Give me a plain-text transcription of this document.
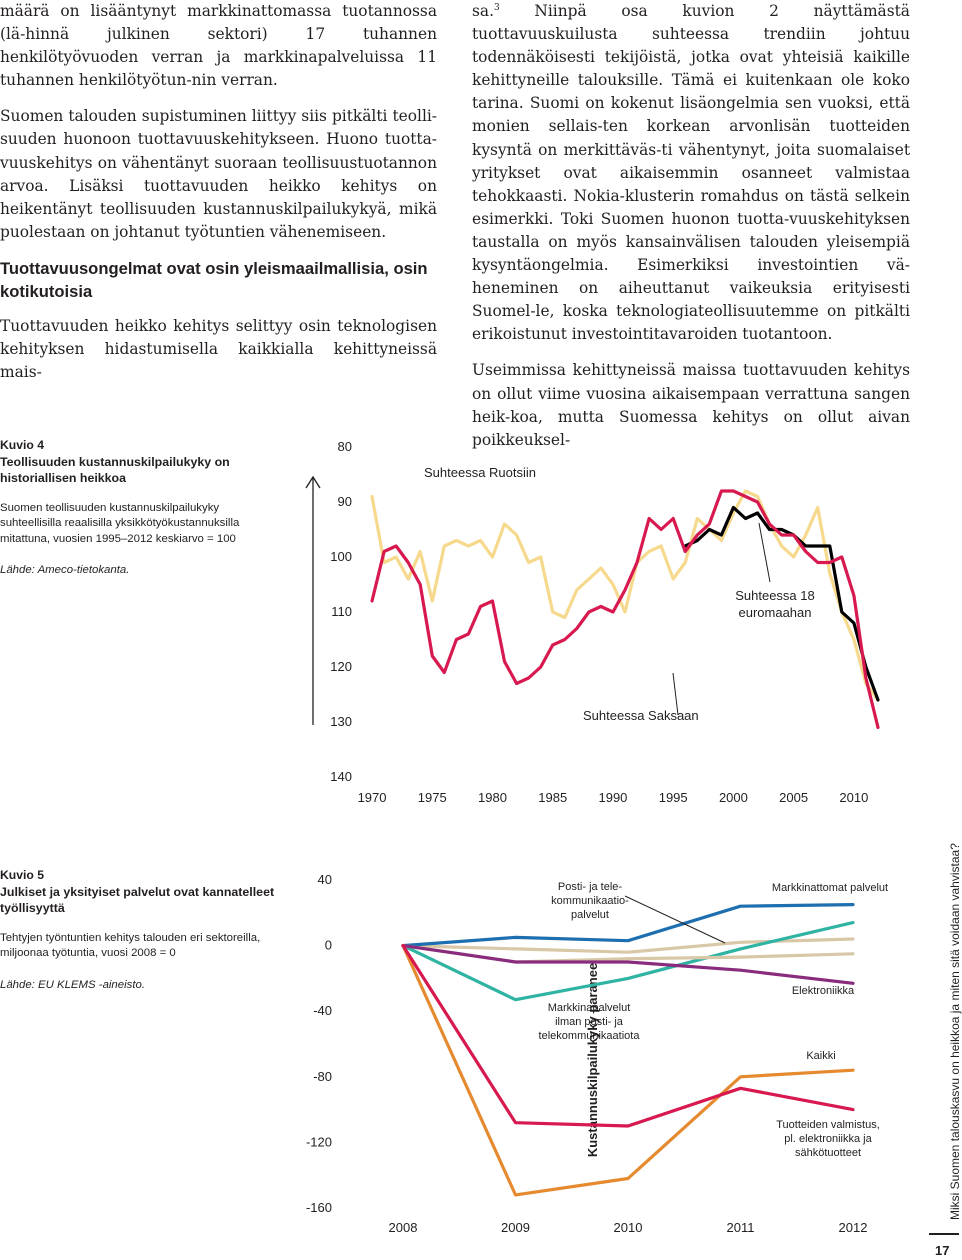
määrä on lisääntynyt markkinattomassa tuotannossa (lä-hinnä julkinen sektori) 17 tuhannen henkilötyövuoden verran ja markkinapalveluissa 11 tuhannen henkilötyötun-nin verran.

Suomen talouden supistuminen liittyy siis pitkälti teolli-suuden huonoon tuottavuuskehitykseen. Huono tuotta-vuuskehitys on vähentänyt suoraan teollisuustuotannon arvoa. Lisäksi tuottavuuden heikko kehitys on heikentänyt teollisuuden kustannuskilpailukykyä, mikä puolestaan on johtanut työtuntien vähenemiseen.

Tuottavuusongelmat ovat osin yleismaailmallisia, osin kotikutoisia

Tuottavuuden heikko kehitys selittyy osin teknologisen kehityksen hidastumisella kaikkialla kehittyneissä mais-

sa.$^3$ Niinpä osa kuvion 2 näyttämästä tuottavuuskuilusta suhteessa trendiin johtuu todennäköisesti tekijöistä, jotka ovat yhteisiä kaikille kehittyneille talouksille. Tämä ei kuitenkaan ole koko tarina. Suomi on kokenut lisäongelmia sen vuoksi, että monien sellais-ten korkean arvonlisän tuotteiden kysyntä on merkittäväs-ti vähentynyt, joita suomalaiset yritykset ovat aikaisemmin osanneet valmistaa tehokkaasti. Nokia-klusterin romahdus on tästä selkein esimerkki. Toki Suomen huonon tuotta-vuuskehityksen taustalla on myös kansainvälisen talouden yleisempiä kysyntäongelmia. Esimerkiksi investointien vä-heneminen on aiheuttanut vaikeuksia erityisesti Suomel-le, koska teknologiateollisuutemme on pitkälti erikoistunut investointitavaroiden tuotantoon.

Useimmissa kehittyneissä maissa tuottavuuden kehitys on ollut viime vuosina aikaisempaan verrattuna sangen heik-koa, mutta Suomessa kehitys on ollut aivan poikkeuksel-

Kuvio 4
Teollisuuden kustannuskilpailukyky on historiallisen heikkoa
Suomen teollisuuden kustannuskilpailukyky suhteellisilla reaalisilla yksikkötyökustannuksilla mitattuna, vuosien 1995–2012 keskiarvo = 100
Lähde: Ameco-tietokanta.
80
90
100
110
120
130
140
1970 1975 1980 1985 1990 1995 2000 2005 2010
Kustannuskilpailukyky paranee
Suhteessa Ruotsiin
Suhteessa 18 euromaahan
Suhteessa Saksaan
Kuvio 5
Julkiset ja yksityiset palvelut ovat kannatelleet työllisyyttä
Tehtyjen työntuntien kehitys talouden eri sektoreilla, miljoonaa työtuntia, vuosi 2008 = 0
Lähde: EU KLEMS -aineisto.
40
0
-40
-80
-120
-160
2008	2009	2010	2011	2012
Posti- ja tele-kommunikaatio-palvelut
Markkinattomat palvelut
Elektroniikka
Markkinapalvelut ilman posti- ja telekommunikaatiota
Kaikki
Tuotteiden valmistus, pl. elektroniikka ja sähkötuotteet
17
Miksi Suomen talouskasvu on heikkoa ja miten sitä voidaan vahvistaa?
